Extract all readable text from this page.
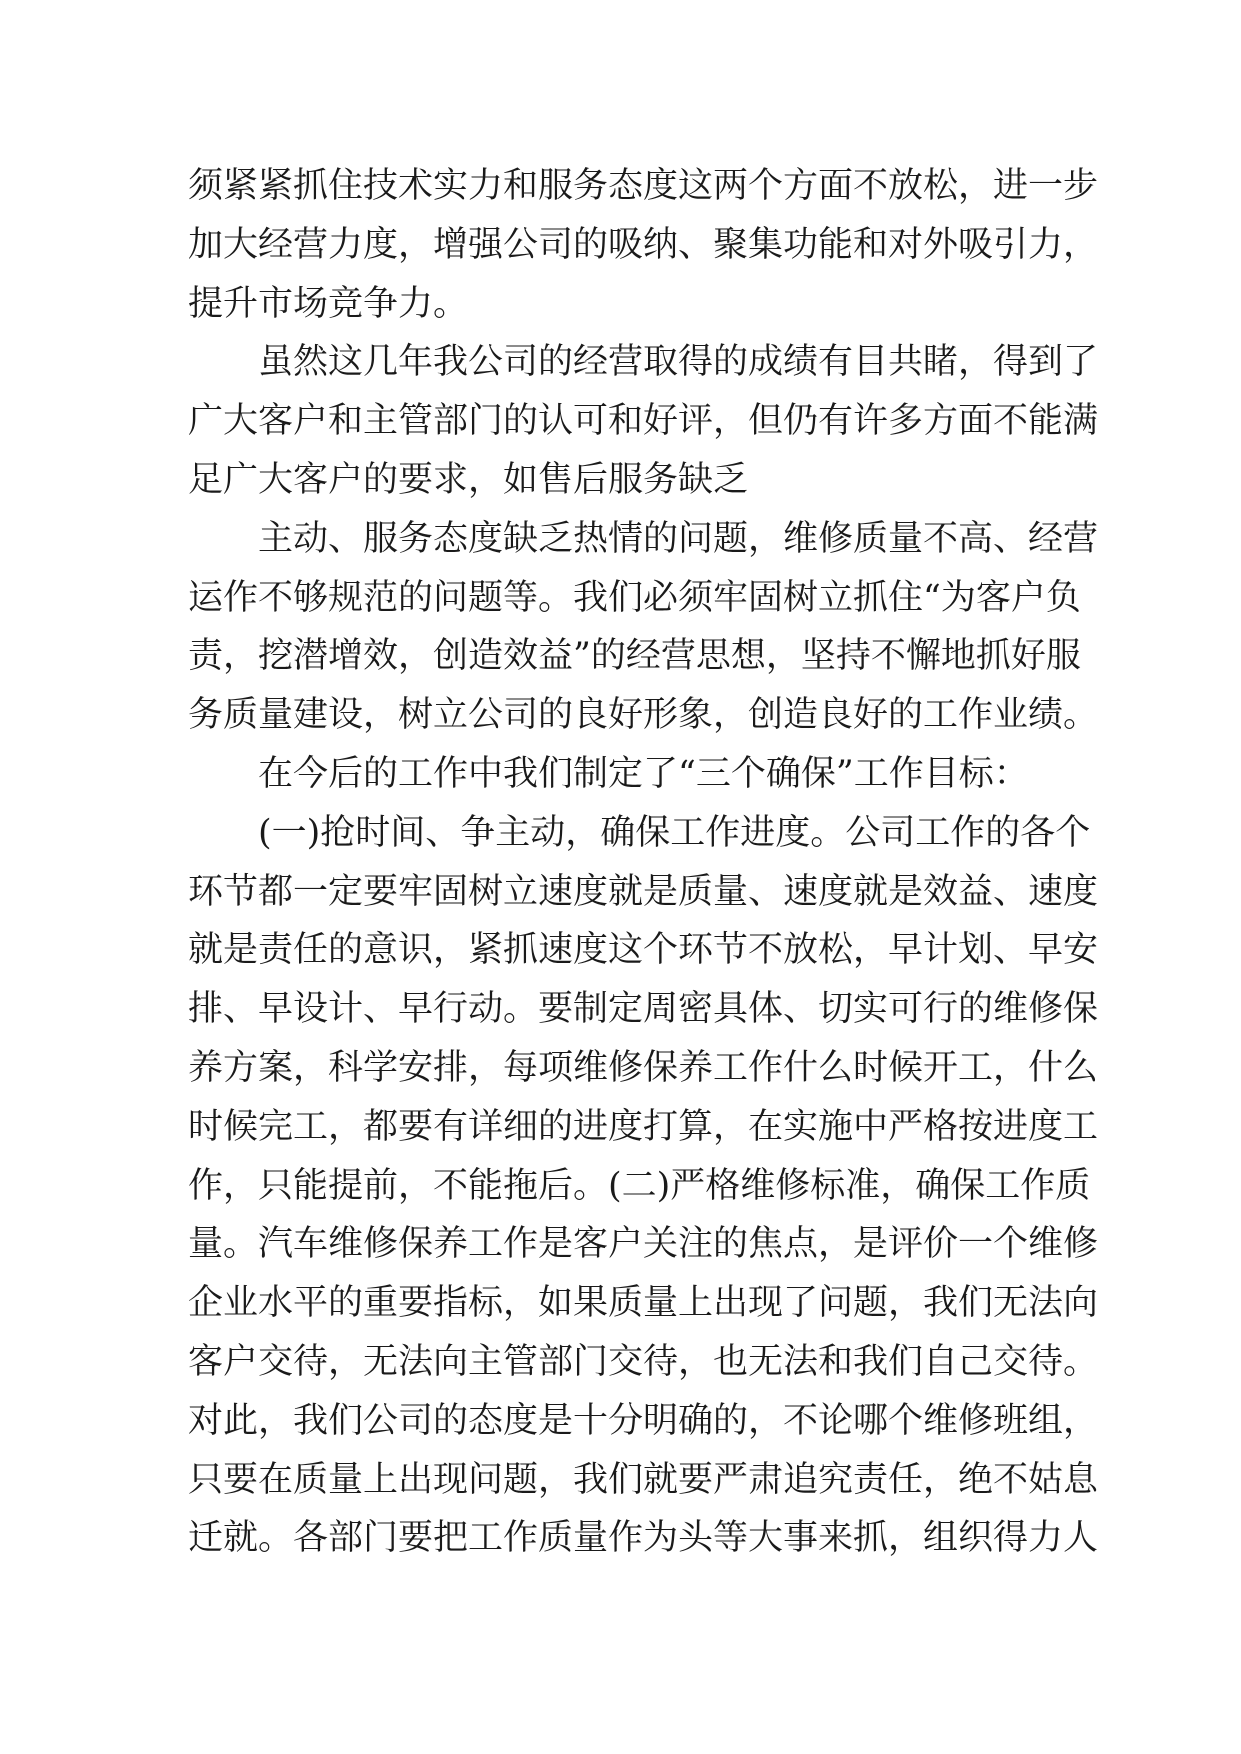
须紧紧抓住技术实力和服务态度这两个方面不放松，进一步
加大经营力度，增强公司的吸纳、聚集功能和对外吸引力，
提升市场竞争力。
虽然这几年我公司的经营取得的成绩有目共睹，得到了
广大客户和主管部门的认可和好评，但仍有许多方面不能满
足广大客户的要求，如售后服务缺乏
主动、服务态度缺乏热情的问题，维修质量不高、经营
运作不够规范的问题等。我们必须牢固树立抓住“为客户负
责，挖潜增效，创造效益”的经营思想，坚持不懈地抓好服
务质量建设，树立公司的良好形象，创造良好的工作业绩。
在今后的工作中我们制定了“三个确保”工作目标：
(一)抢时间、争主动，确保工作进度。公司工作的各个
环节都一定要牢固树立速度就是质量、速度就是效益、速度
就是责任的意识，紧抓速度这个环节不放松，早计划、早安
排、早设计、早行动。要制定周密具体、切实可行的维修保
养方案，科学安排，每项维修保养工作什么时候开工，什么
时候完工，都要有详细的进度打算，在实施中严格按进度工
作，只能提前，不能拖后。(二)严格维修标准，确保工作质
量。汽车维修保养工作是客户关注的焦点，是评价一个维修
企业水平的重要指标，如果质量上出现了问题，我们无法向
客户交待，无法向主管部门交待，也无法和我们自己交待。
对此，我们公司的态度是十分明确的，不论哪个维修班组，
只要在质量上出现问题，我们就要严肃追究责任，绝不姑息
迁就。各部门要把工作质量作为头等大事来抓，组织得力人
